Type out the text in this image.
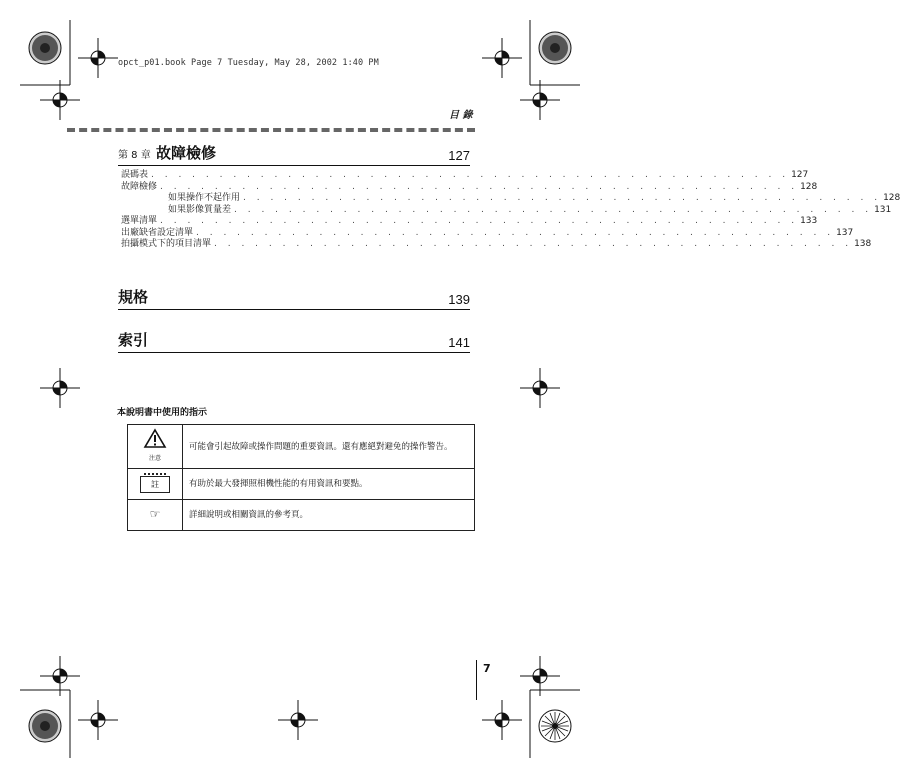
opct_p01.book Page 7 Tuesday, May 28, 2002 1:40 PM
目 錄
第 8 章 故障檢修	127
誤碼表 . . . . . . . . . . . . . . . . . . . . . . . . . . . . . . . . . . . . . . . . . . . . . . . 127
故障檢修 . . . . . . . . . . . . . . . . . . . . . . . . . . . . . . . . . . . . . . . . . . . . . . . 128
如果操作不起作用 . . . . . . . . . . . . . . . . . . . . . . . . . . . . . . . . . . . . . . . . . . . . . . . 128
如果影像質量差 . . . . . . . . . . . . . . . . . . . . . . . . . . . . . . . . . . . . . . . . . . . . . . . 131
選單清單 . . . . . . . . . . . . . . . . . . . . . . . . . . . . . . . . . . . . . . . . . . . . . . . 133
出廠缺省設定清單 . . . . . . . . . . . . . . . . . . . . . . . . . . . . . . . . . . . . . . . . . . . . . . . 137
拍攝模式下的項目清單 . . . . . . . . . . . . . . . . . . . . . . . . . . . . . . . . . . . . . . . . . . . . . . . 138
規格	139
索引	141
本說明書中使用的指示

注意	可能會引起故障或操作問題的重要資訊。還有應絕對避免的操作警告。
註	有助於最大發揮照相機性能的有用資訊和要點。
☞	詳細說明或相關資訊的參考頁。
7
